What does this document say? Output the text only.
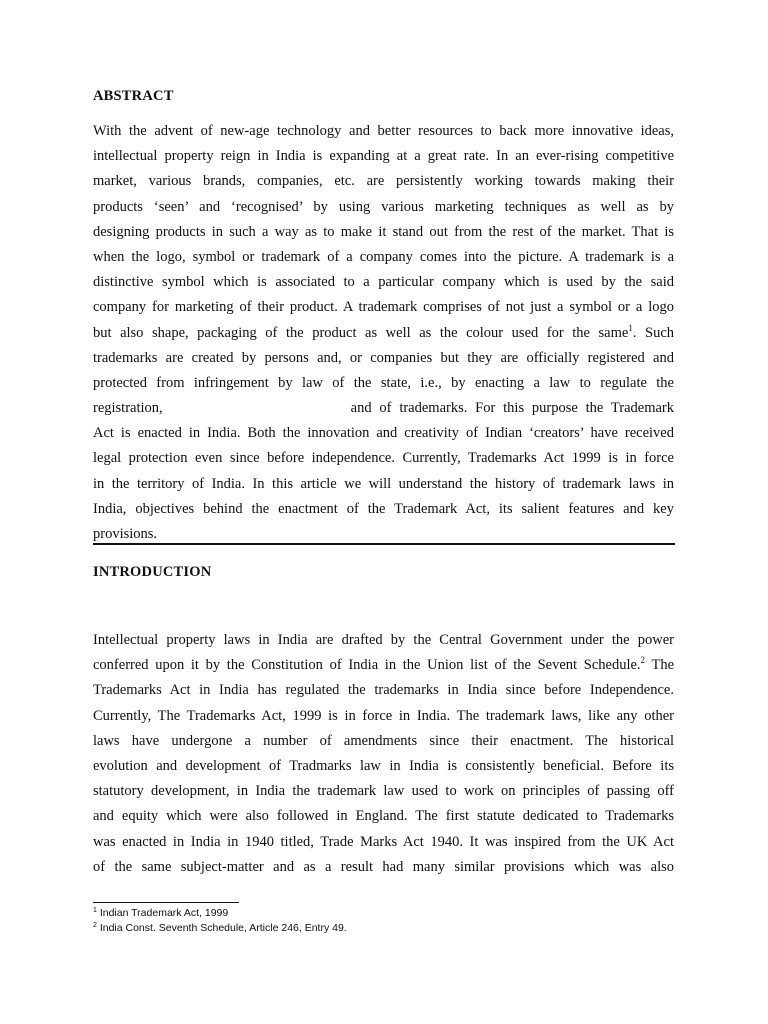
ABSTRACT
With the advent of new-age technology and better resources to back more innovative ideas,
intellectual property reign in India is expanding at a great rate. In an ever-rising competitive
market, various brands, companies, etc. are persistently working towards making their
products ‘seen’ and ‘recognised’ by using various marketing techniques as well as by
designing products in such a way as to make it stand out from the rest of the market. That is
when the logo, symbol or trademark of a company comes into the picture. A trademark is a
distinctive symbol which is associated to a particular company which is used by the said
company for marketing of their product. A trademark comprises of not just a symbol or a logo
but also shape, packaging of the product as well as the colour used for the same$^1$. Such
trademarks are created by persons and, or companies but they are officially registered and
protected from infringement by law of the state, i.e., by enacting a law to regulate the
registration,	and of trademarks. For this purpose the Trademark
Act is enacted in India. Both the innovation and creativity of Indian ‘creators’ have received
legal protection even since before independence. Currently, Trademarks Act 1999 is in force
in the territory of India. In this article we will understand the history of trademark laws in
India, objectives behind the enactment of the Trademark Act, its salient features and key
provisions.
INTRODUCTION
Intellectual property laws in India are drafted by the Central Government under the power
conferred upon it by the Constitution of India in the Union list of the Sevent Schedule.$^2$ The
Trademarks Act in India has regulated the trademarks in India since before Independence.
Currently, The Trademarks Act, 1999 is in force in India. The trademark laws, like any other
laws have undergone a number of amendments since their enactment. The historical
evolution and development of Tradmarks law in India is consistently beneficial. Before its
statutory development, in India the trademark law used to work on principles of passing off
and equity which were also followed in England. The first statute dedicated to Trademarks
was enacted in India in 1940 titled, Trade Marks Act 1940. It was inspired from the UK Act
of the same subject-matter and as a result had many similar provisions which was also
$^1$ Indian Trademark Act, 1999
$^2$ India Const. Seventh Schedule, Article 246, Entry 49.
